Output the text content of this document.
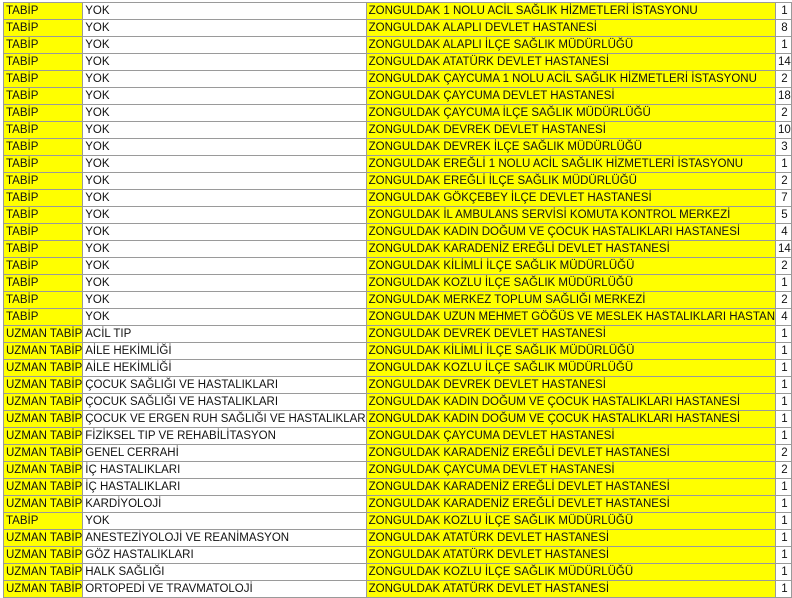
TABİP	YOK	ZONGULDAK 1 NOLU ACİL SAĞLIK HİZMETLERİ İSTASYONU	1
TABİP	YOK	ZONGULDAK ALAPLI DEVLET HASTANESİ	8
TABİP	YOK	ZONGULDAK ALAPLI İLÇE SAĞLIK MÜDÜRLÜĞÜ	1
TABİP	YOK	ZONGULDAK ATATÜRK DEVLET HASTANESİ	14
TABİP	YOK	ZONGULDAK ÇAYCUMA 1 NOLU ACİL SAĞLIK HİZMETLERİ İSTASYONU	2
TABİP	YOK	ZONGULDAK ÇAYCUMA DEVLET HASTANESİ	18
TABİP	YOK	ZONGULDAK ÇAYCUMA İLÇE SAĞLIK MÜDÜRLÜĞÜ	2
TABİP	YOK	ZONGULDAK DEVREK DEVLET HASTANESİ	10
TABİP	YOK	ZONGULDAK DEVREK İLÇE SAĞLIK MÜDÜRLÜĞÜ	3
TABİP	YOK	ZONGULDAK EREĞLİ 1 NOLU ACİL SAĞLIK HİZMETLERİ İSTASYONU	1
TABİP	YOK	ZONGULDAK EREĞLİ İLÇE SAĞLIK MÜDÜRLÜĞÜ	2
TABİP	YOK	ZONGULDAK GÖKÇEBEY İLÇE DEVLET HASTANESİ	7
TABİP	YOK	ZONGULDAK İL AMBULANS SERVİSİ KOMUTA KONTROL MERKEZİ	5
TABİP	YOK	ZONGULDAK KADIN DOĞUM VE ÇOCUK HASTALIKLARI HASTANESİ	4
TABİP	YOK	ZONGULDAK KARADENİZ EREĞLİ DEVLET HASTANESİ	14
TABİP	YOK	ZONGULDAK KİLİMLİ İLÇE SAĞLIK MÜDÜRLÜĞÜ	2
TABİP	YOK	ZONGULDAK KOZLU İLÇE SAĞLIK MÜDÜRLÜĞÜ	1
TABİP	YOK	ZONGULDAK MERKEZ TOPLUM SAĞLIĞI MERKEZİ	2
TABİP	YOK	ZONGULDAK UZUN MEHMET GÖĞÜS VE MESLEK HASTALIKLARI HASTAN	4
UZMAN TABİP	ACİL TIP	ZONGULDAK DEVREK DEVLET HASTANESİ	1
UZMAN TABİP	AİLE HEKİMLİĞİ	ZONGULDAK KİLİMLİ İLÇE SAĞLIK MÜDÜRLÜĞÜ	1
UZMAN TABİP	AİLE HEKİMLİĞİ	ZONGULDAK KOZLU İLÇE SAĞLIK MÜDÜRLÜĞÜ	1
UZMAN TABİP	ÇOCUK SAĞLIĞI VE HASTALIKLARI	ZONGULDAK DEVREK DEVLET HASTANESİ	1
UZMAN TABİP	ÇOCUK SAĞLIĞI VE HASTALIKLARI	ZONGULDAK KADIN DOĞUM VE ÇOCUK HASTALIKLARI HASTANESİ	1
UZMAN TABİP	ÇOCUK VE ERGEN RUH SAĞLIĞI VE HASTALIKLAR	ZONGULDAK KADIN DOĞUM VE ÇOCUK HASTALIKLARI HASTANESİ	1
UZMAN TABİP	FİZİKSEL TIP VE REHABİLİTASYON	ZONGULDAK ÇAYCUMA DEVLET HASTANESİ	1
UZMAN TABİP	GENEL CERRAHİ	ZONGULDAK KARADENİZ EREĞLİ DEVLET HASTANESİ	2
UZMAN TABİP	İÇ HASTALIKLARI	ZONGULDAK ÇAYCUMA DEVLET HASTANESİ	2
UZMAN TABİP	İÇ HASTALIKLARI	ZONGULDAK KARADENİZ EREĞLİ DEVLET HASTANESİ	1
UZMAN TABİP	KARDİYOLOJİ	ZONGULDAK KARADENİZ EREĞLİ DEVLET HASTANESİ	1
TABİP	YOK	ZONGULDAK KOZLU İLÇE SAĞLIK MÜDÜRLÜĞÜ	1
UZMAN TABİP	ANESTEZİYOLOJİ VE REANİMASYON	ZONGULDAK ATATÜRK DEVLET HASTANESİ	1
UZMAN TABİP	GÖZ HASTALIKLARI	ZONGULDAK ATATÜRK DEVLET HASTANESİ	1
UZMAN TABİP	HALK SAĞLIĞI	ZONGULDAK KOZLU İLÇE SAĞLIK MÜDÜRLÜĞÜ	1
UZMAN TABİP	ORTOPEDİ VE TRAVMATOLOJİ	ZONGULDAK ATATÜRK DEVLET HASTANESİ	1
